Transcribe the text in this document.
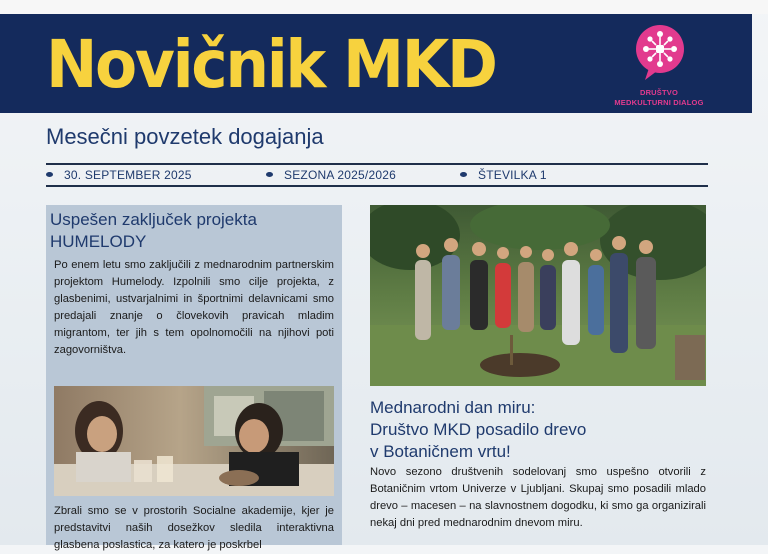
Novičnik MKD	DRUŠTVO
MEDKULTURNI DIALOG
Mesečni povzetek dogajanja
30. SEPTEMBER 2025	SEZONA 2025/2026	ŠTEVILKA 1
Uspešen zaključek projekta
HUMELODY
Po enem letu smo zaključili z mednarodnim partnerskim projektom Humelody. Izpolnili smo cilje projekta, z glasbenimi, ustvarjalnimi in športnimi delavnicami smo predajali znanje o človekovih pravicah mladim migrantom, ter jih s tem opolnomočili na njihovi poti zagovorništva.
Zbrali smo se v prostorih Socialne akademije, kjer je predstavitvi naših dosežkov sledila interaktivna glasbena poslastica, za katero je poskrbel
Mednarodni dan miru:
Društvo MKD posadilo drevo
v Botaničnem vrtu!
Novo sezono društvenih sodelovanj smo uspešno otvorili z Botaničnim vrtom Univerze v Ljubljani. Skupaj smo posadili mlado drevo – macesen – na slavnostnem dogodku, ki smo ga organizirali nekaj dni pred mednarodnim dnevom miru.
